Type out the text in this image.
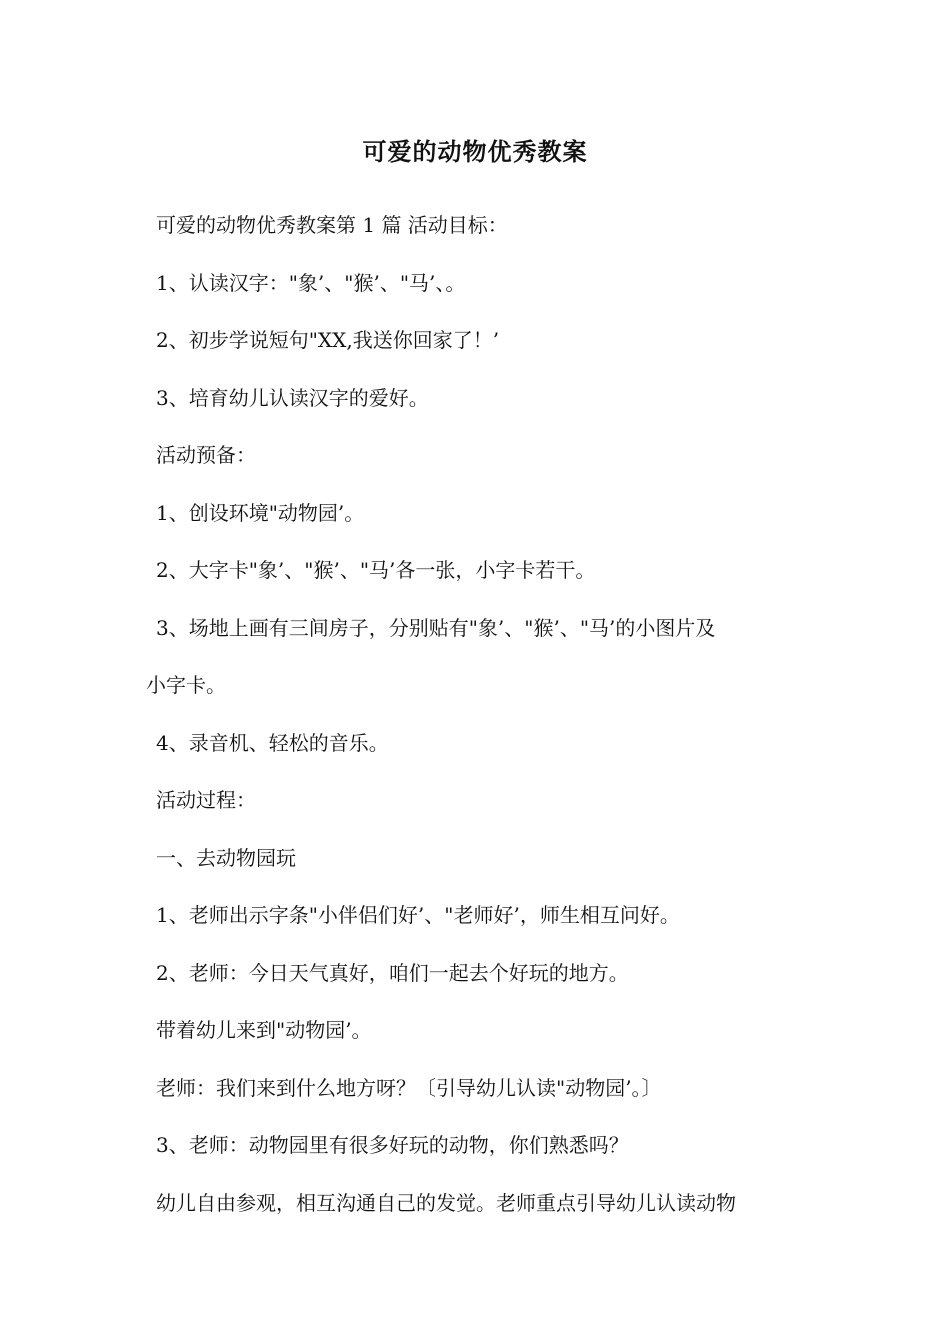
可爱的动物优秀教案

可爱的动物优秀教案第 1 篇 活动目标：

1、认读汉字："象’、"猴’、"马’、。

2、初步学说短句"XX,我送你回家了！’

3、培育幼儿认读汉字的爱好。

活动预备：

1、创设环境"动物园’。

2、大字卡"象’、"猴’、"马’各一张，小字卡若干。

3、场地上画有三间房子，分别贴有"象’、"猴’、"马’的小图片及

小字卡。

4、录音机、轻松的音乐。

活动过程：

一、去动物园玩

1、老师出示字条"小伴侣们好’、"老师好’，师生相互问好。

2、老师：今日天气真好，咱们一起去个好玩的地方。

带着幼儿来到"动物园’。

老师：我们来到什么地方呀？〔引导幼儿认读"动物园’。〕

3、老师：动物园里有很多好玩的动物，你们熟悉吗？

幼儿自由参观，相互沟通自己的发觉。老师重点引导幼儿认读动物
